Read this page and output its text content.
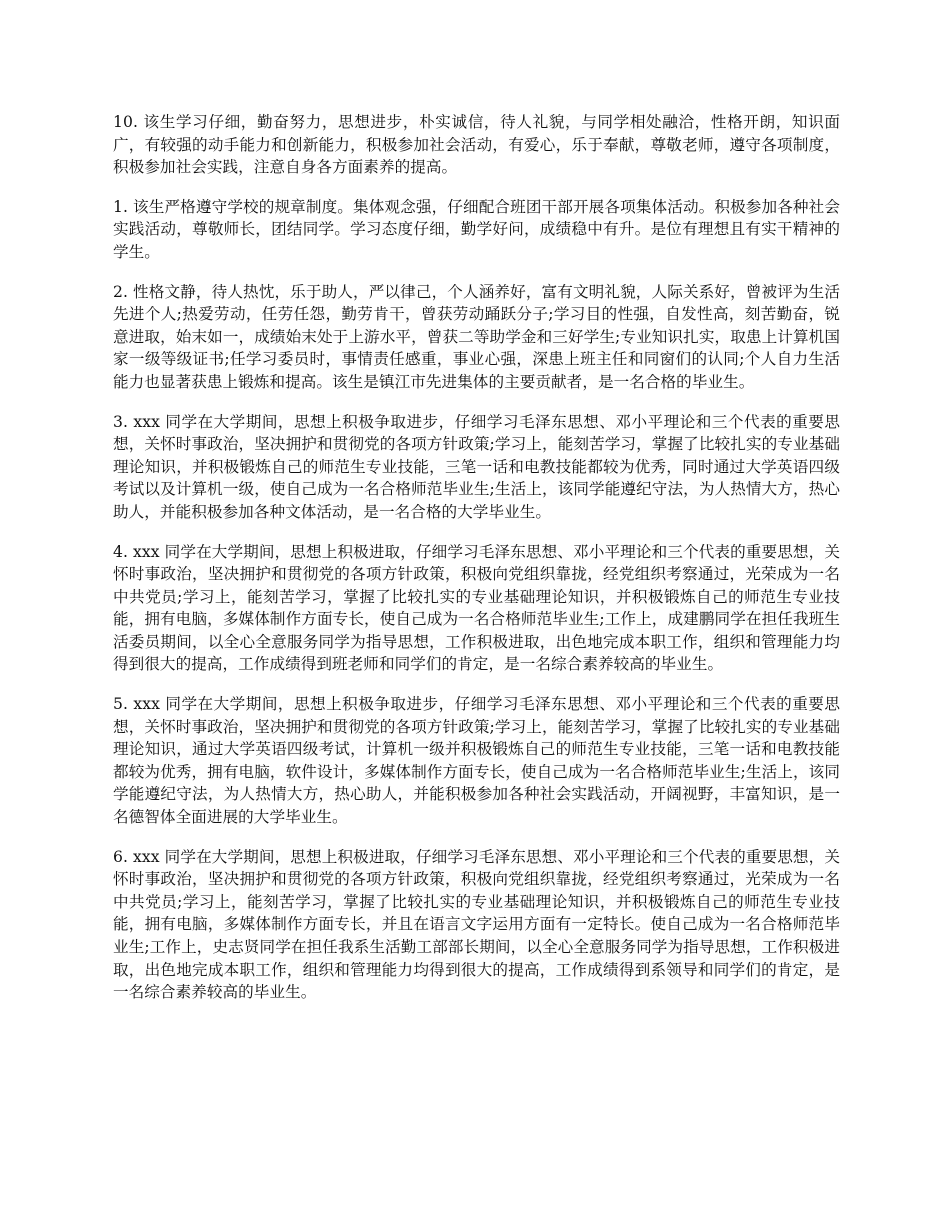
10. 该生学习仔细，勤奋努力，思想进步，朴实诚信，待人礼貌，与同学相处融洽，性格开朗，知识面广，有较强的动手能力和创新能力，积极参加社会活动，有爱心，乐于奉献，尊敬老师，遵守各项制度，积极参加社会实践，注意自身各方面素养的提高。

1. 该生严格遵守学校的规章制度。集体观念强，仔细配合班团干部开展各项集体活动。积极参加各种社会实践活动，尊敬师长，团结同学。学习态度仔细，勤学好问，成绩稳中有升。是位有理想且有实干精神的学生。

2. 性格文静，待人热忱，乐于助人，严以律己，个人涵养好，富有文明礼貌，人际关系好，曾被评为生活先进个人;热爱劳动，任劳任怨，勤劳肯干，曾获劳动踊跃分子;学习目的性强，自发性高，刻苦勤奋，锐意进取，始末如一，成绩始末处于上游水平，曾获二等助学金和三好学生;专业知识扎实，取患上计算机国家一级等级证书;任学习委员时，事情责任感重，事业心强，深患上班主任和同窗们的认同;个人自力生活能力也显著获患上锻炼和提高。该生是镇江市先进集体的主要贡献者，是一名合格的毕业生。

3. xxx 同学在大学期间，思想上积极争取进步，仔细学习毛泽东思想、邓小平理论和三个代表的重要思想，关怀时事政治，坚决拥护和贯彻党的各项方针政策;学习上，能刻苦学习，掌握了比较扎实的专业基础理论知识，并积极锻炼自己的师范生专业技能，三笔一话和电教技能都较为优秀，同时通过大学英语四级考试以及计算机一级，使自己成为一名合格师范毕业生;生活上，该同学能遵纪守法，为人热情大方，热心助人，并能积极参加各种文体活动，是一名合格的大学毕业生。

4. xxx 同学在大学期间，思想上积极进取，仔细学习毛泽东思想、邓小平理论和三个代表的重要思想，关怀时事政治，坚决拥护和贯彻党的各项方针政策，积极向党组织靠拢，经党组织考察通过，光荣成为一名中共党员;学习上，能刻苦学习，掌握了比较扎实的专业基础理论知识，并积极锻炼自己的师范生专业技能，拥有电脑，多媒体制作方面专长，使自己成为一名合格师范毕业生;工作上，成建鹏同学在担任我班生活委员期间，以全心全意服务同学为指导思想，工作积极进取，出色地完成本职工作，组织和管理能力均得到很大的提高，工作成绩得到班老师和同学们的肯定，是一名综合素养较高的毕业生。

5. xxx 同学在大学期间，思想上积极争取进步，仔细学习毛泽东思想、邓小平理论和三个代表的重要思想，关怀时事政治，坚决拥护和贯彻党的各项方针政策;学习上，能刻苦学习，掌握了比较扎实的专业基础理论知识，通过大学英语四级考试，计算机一级并积极锻炼自己的师范生专业技能，三笔一话和电教技能都较为优秀，拥有电脑，软件设计，多媒体制作方面专长，使自己成为一名合格师范毕业生;生活上，该同学能遵纪守法，为人热情大方，热心助人，并能积极参加各种社会实践活动，开阔视野，丰富知识，是一名德智体全面进展的大学毕业生。

6. xxx 同学在大学期间，思想上积极进取，仔细学习毛泽东思想、邓小平理论和三个代表的重要思想，关怀时事政治，坚决拥护和贯彻党的各项方针政策，积极向党组织靠拢，经党组织考察通过，光荣成为一名中共党员;学习上，能刻苦学习，掌握了比较扎实的专业基础理论知识，并积极锻炼自己的师范生专业技能，拥有电脑，多媒体制作方面专长，并且在语言文字运用方面有一定特长。使自己成为一名合格师范毕业生;工作上，史志贤同学在担任我系生活勤工部部长期间，以全心全意服务同学为指导思想，工作积极进取，出色地完成本职工作，组织和管理能力均得到很大的提高，工作成绩得到系领导和同学们的肯定，是一名综合素养较高的毕业生。
